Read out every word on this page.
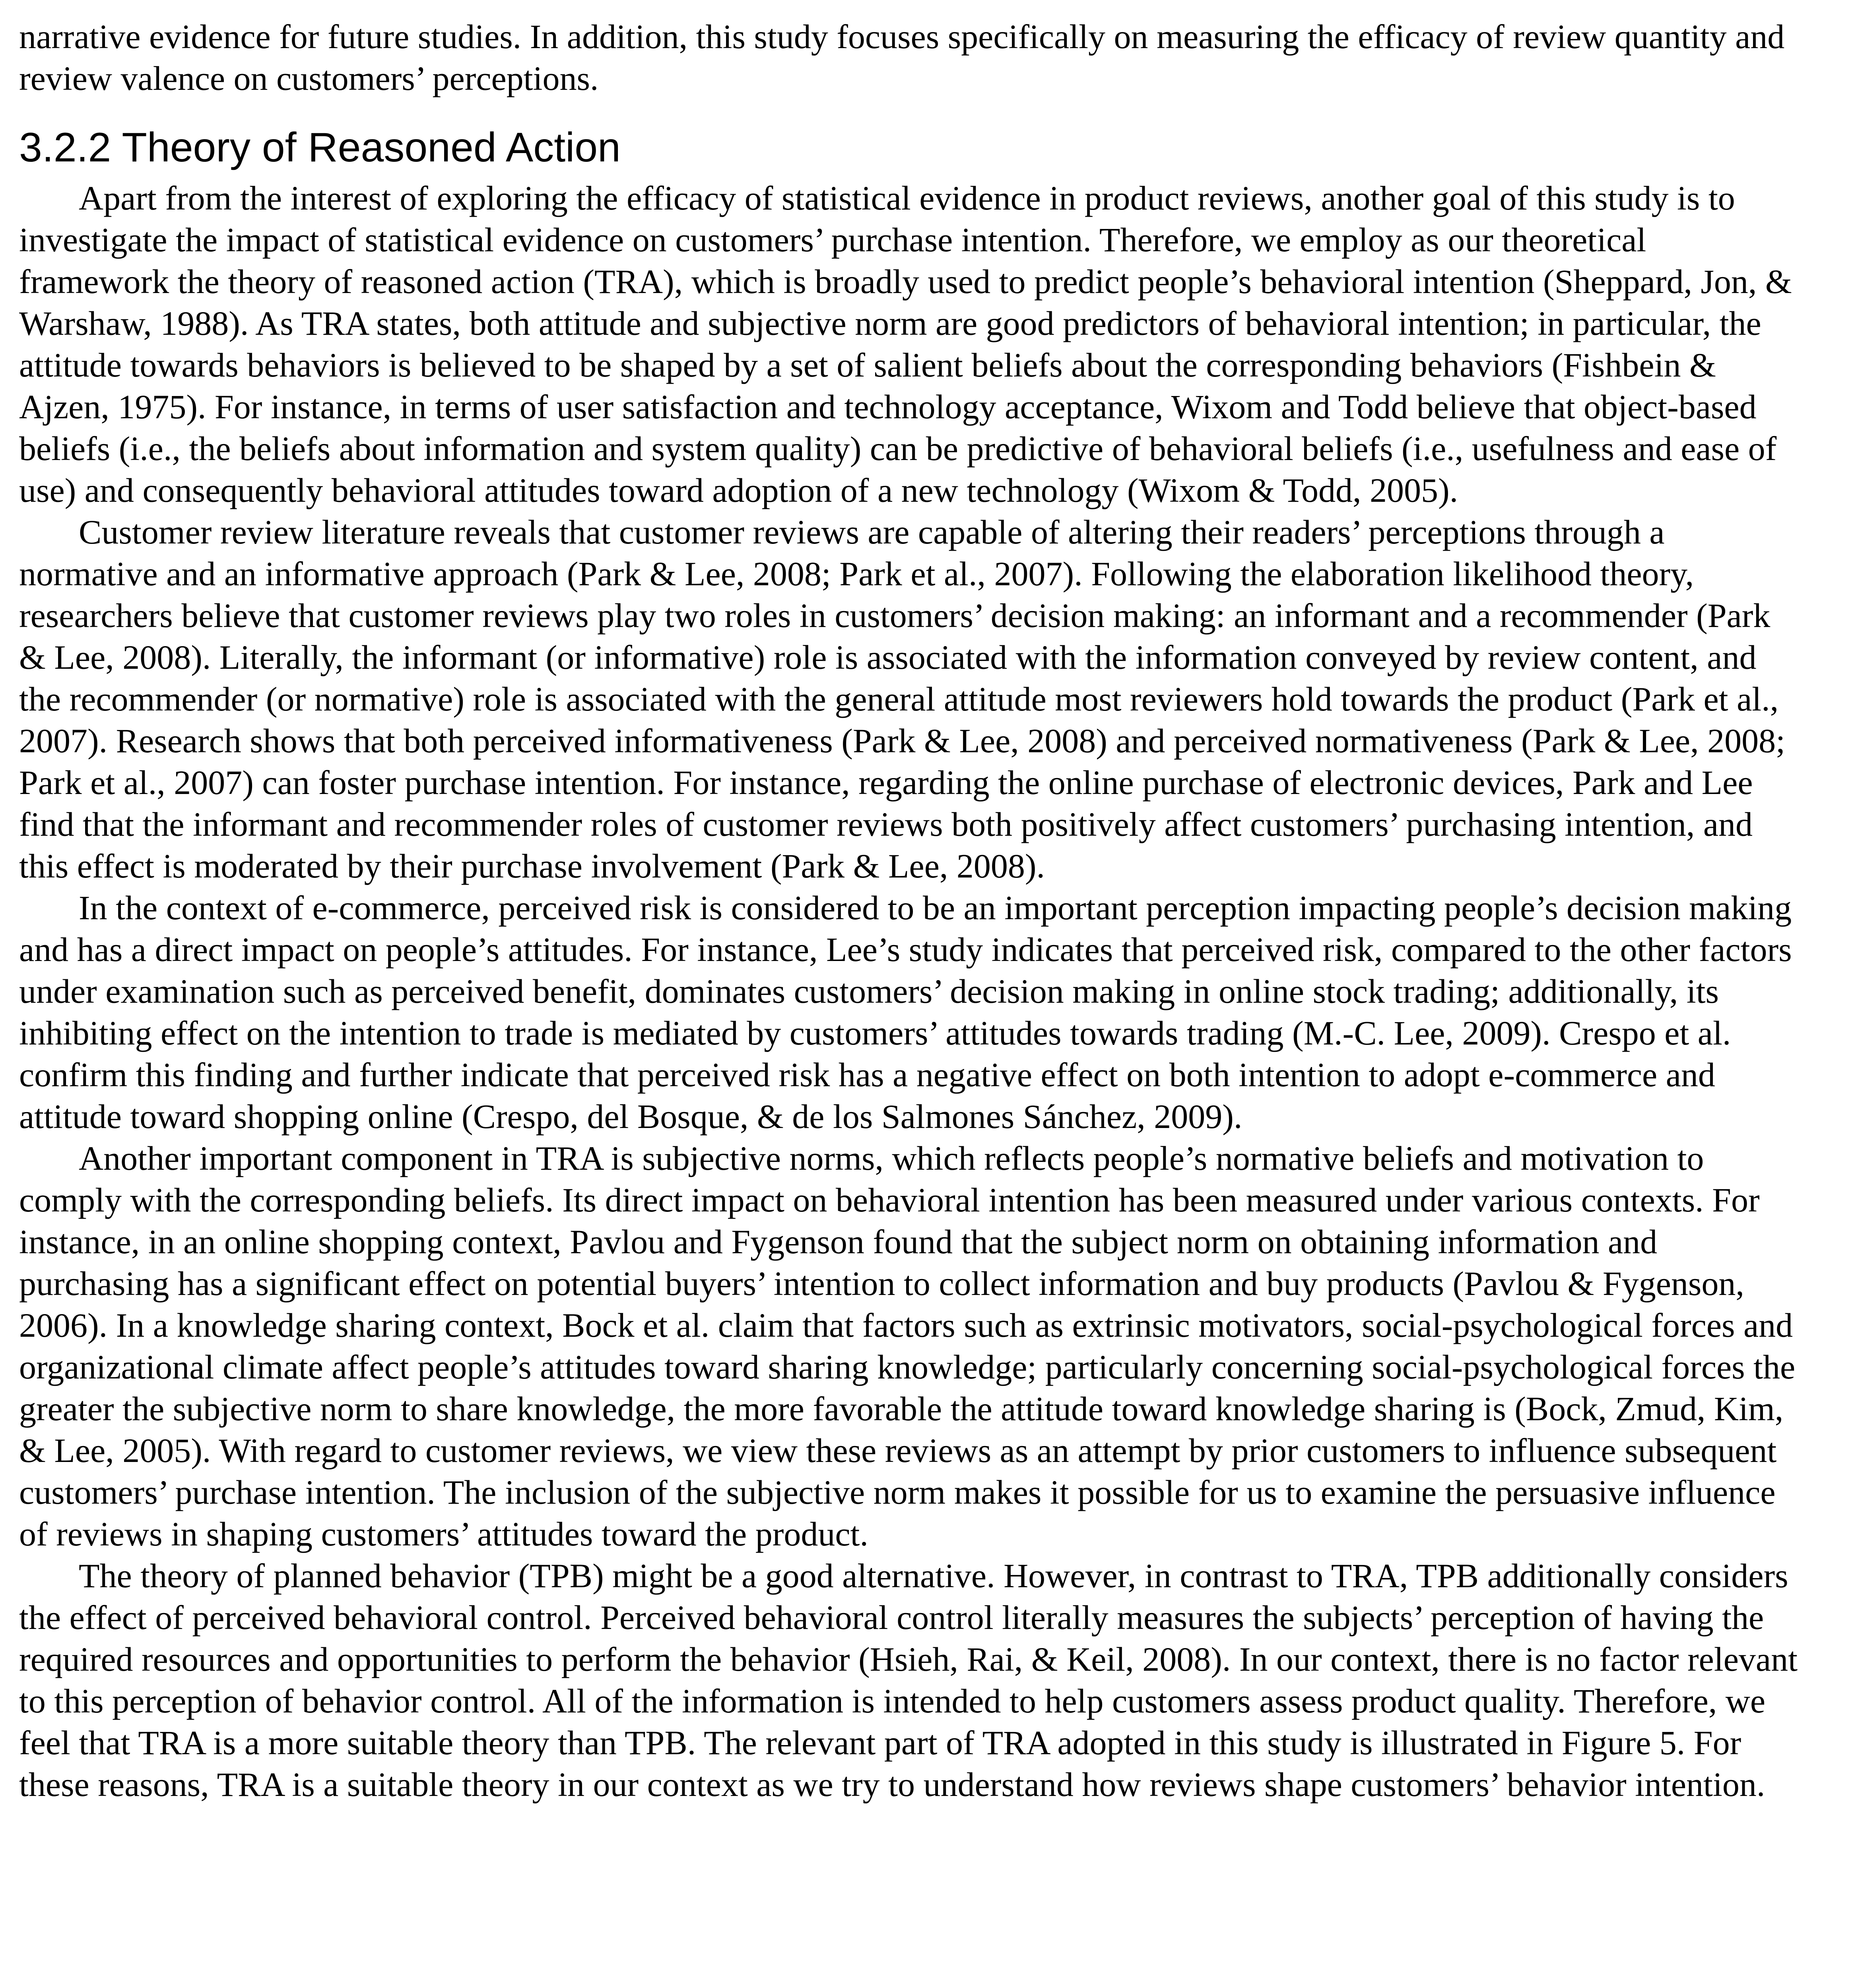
narrative evidence for future studies. In addition, this study focuses specifically on measuring the efficacy of review quantity and review valence on customers’ perceptions.

3.2.2 Theory of Reasoned Action

Apart from the interest of exploring the efficacy of statistical evidence in product reviews, another goal of this study is to investigate the impact of statistical evidence on customers’ purchase intention. Therefore, we employ as our theoretical framework the theory of reasoned action (TRA), which is broadly used to predict people’s behavioral intention (Sheppard, Jon, & Warshaw, 1988). As TRA states, both attitude and subjective norm are good predictors of behavioral intention; in particular, the attitude towards behaviors is believed to be shaped by a set of salient beliefs about the corresponding behaviors (Fishbein & Ajzen, 1975). For instance, in terms of user satisfaction and technology acceptance, Wixom and Todd believe that object-based beliefs (i.e., the beliefs about information and system quality) can be predictive of behavioral beliefs (i.e., usefulness and ease of use) and consequently behavioral attitudes toward adoption of a new technology (Wixom & Todd, 2005).

Customer review literature reveals that customer reviews are capable of altering their readers’ perceptions through a normative and an informative approach (Park & Lee, 2008; Park et al., 2007). Following the elaboration likelihood theory, researchers believe that customer reviews play two roles in customers’ decision making: an informant and a recommender (Park & Lee, 2008). Literally, the informant (or informative) role is associated with the information conveyed by review content, and the recommender (or normative) role is associated with the general attitude most reviewers hold towards the product (Park et al., 2007). Research shows that both perceived informativeness (Park & Lee, 2008) and perceived normativeness (Park & Lee, 2008; Park et al., 2007) can foster purchase intention. For instance, regarding the online purchase of electronic devices, Park and Lee find that the informant and recommender roles of customer reviews both positively affect customers’ purchasing intention, and this effect is moderated by their purchase involvement (Park & Lee, 2008).

In the context of e-commerce, perceived risk is considered to be an important perception impacting people’s decision making and has a direct impact on people’s attitudes. For instance, Lee’s study indicates that perceived risk, compared to the other factors under examination such as perceived benefit, dominates customers’ decision making in online stock trading; additionally, its inhibiting effect on the intention to trade is mediated by customers’ attitudes towards trading (M.-C. Lee, 2009). Crespo et al. confirm this finding and further indicate that perceived risk has a negative effect on both intention to adopt e-commerce and attitude toward shopping online (Crespo, del Bosque, & de los Salmones Sánchez, 2009).

Another important component in TRA is subjective norms, which reflects people’s normative beliefs and motivation to comply with the corresponding beliefs. Its direct impact on behavioral intention has been measured under various contexts. For instance, in an online shopping context, Pavlou and Fygenson found that the subject norm on obtaining information and purchasing has a significant effect on potential buyers’ intention to collect information and buy products (Pavlou & Fygenson, 2006). In a knowledge sharing context, Bock et al. claim that factors such as extrinsic motivators, social-psychological forces and organizational climate affect people’s attitudes toward sharing knowledge; particularly concerning social-psychological forces the greater the subjective norm to share knowledge, the more favorable the attitude toward knowledge sharing is (Bock, Zmud, Kim, & Lee, 2005). With regard to customer reviews, we view these reviews as an attempt by prior customers to influence subsequent customers’ purchase intention. The inclusion of the subjective norm makes it possible for us to examine the persuasive influence of reviews in shaping customers’ attitudes toward the product.

The theory of planned behavior (TPB) might be a good alternative. However, in contrast to TRA, TPB additionally considers the effect of perceived behavioral control. Perceived behavioral control literally measures the subjects’ perception of having the required resources and opportunities to perform the behavior (Hsieh, Rai, & Keil, 2008). In our context, there is no factor relevant to this perception of behavior control. All of the information is intended to help customers assess product quality. Therefore, we feel that TRA is a more suitable theory than TPB. The relevant part of TRA adopted in this study is illustrated in Figure 5. For these reasons, TRA is a suitable theory in our context as we try to understand how reviews shape customers’ behavior intention.
